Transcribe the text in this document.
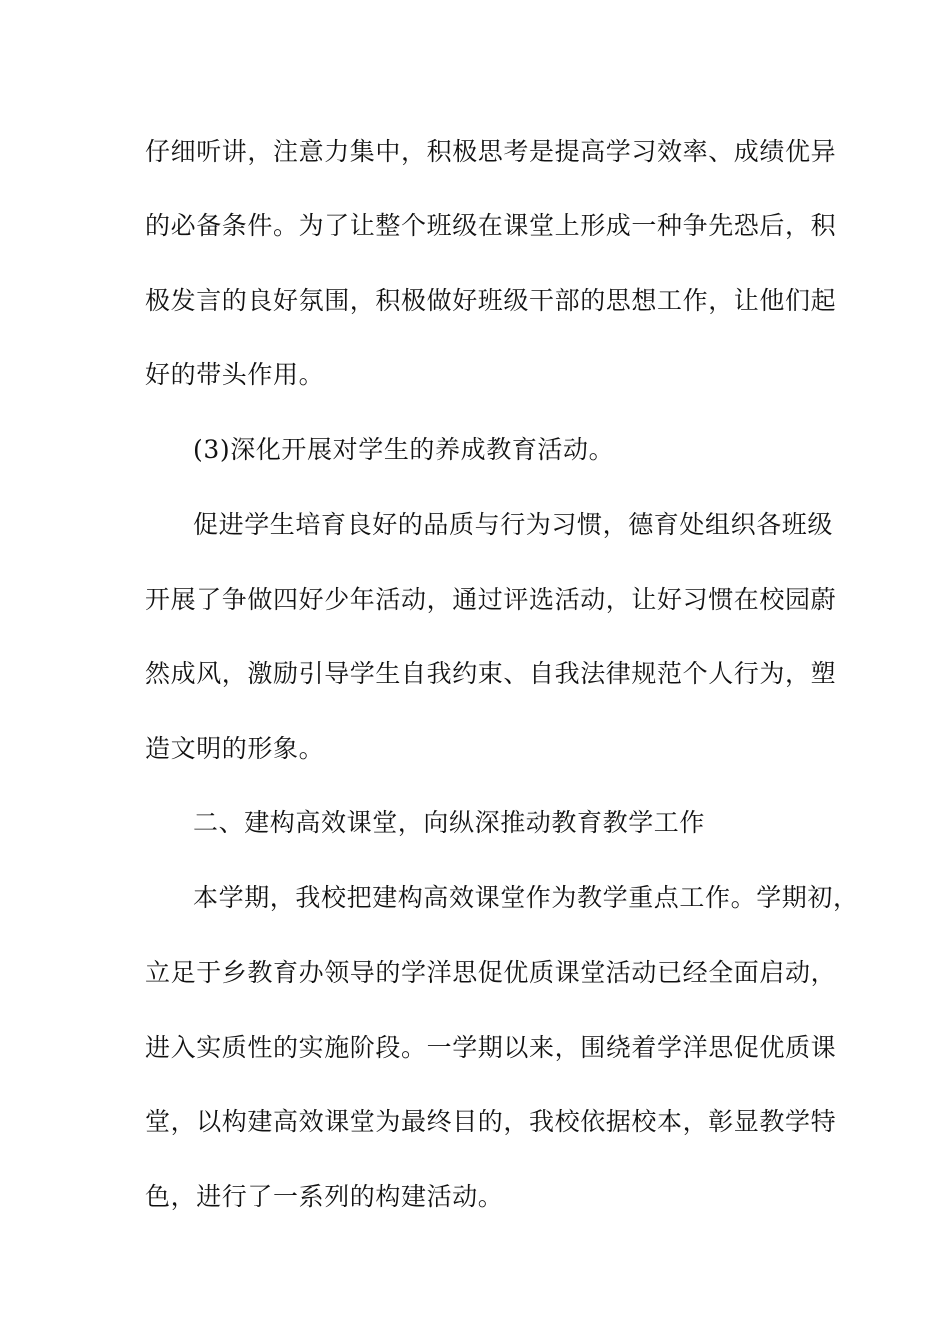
仔细听讲，注意力集中，积极思考是提高学习效率、成绩优异
的必备条件。为了让整个班级在课堂上形成一种争先恐后，积
极发言的良好氛围，积极做好班级干部的思想工作，让他们起
好的带头作用。
(3)深化开展对学生的养成教育活动。
促进学生培育良好的品质与行为习惯，德育处组织各班级
开展了争做四好少年活动，通过评选活动，让好习惯在校园蔚
然成风，激励引导学生自我约束、自我法律规范个人行为，塑
造文明的形象。
二、建构高效课堂，向纵深推动教育教学工作
本学期，我校把建构高效课堂作为教学重点工作。学期初，
立足于乡教育办领导的学洋思促优质课堂活动已经全面启动，
进入实质性的实施阶段。一学期以来，围绕着学洋思促优质课
堂，以构建高效课堂为最终目的，我校依据校本，彰显教学特
色，进行了一系列的构建活动。
